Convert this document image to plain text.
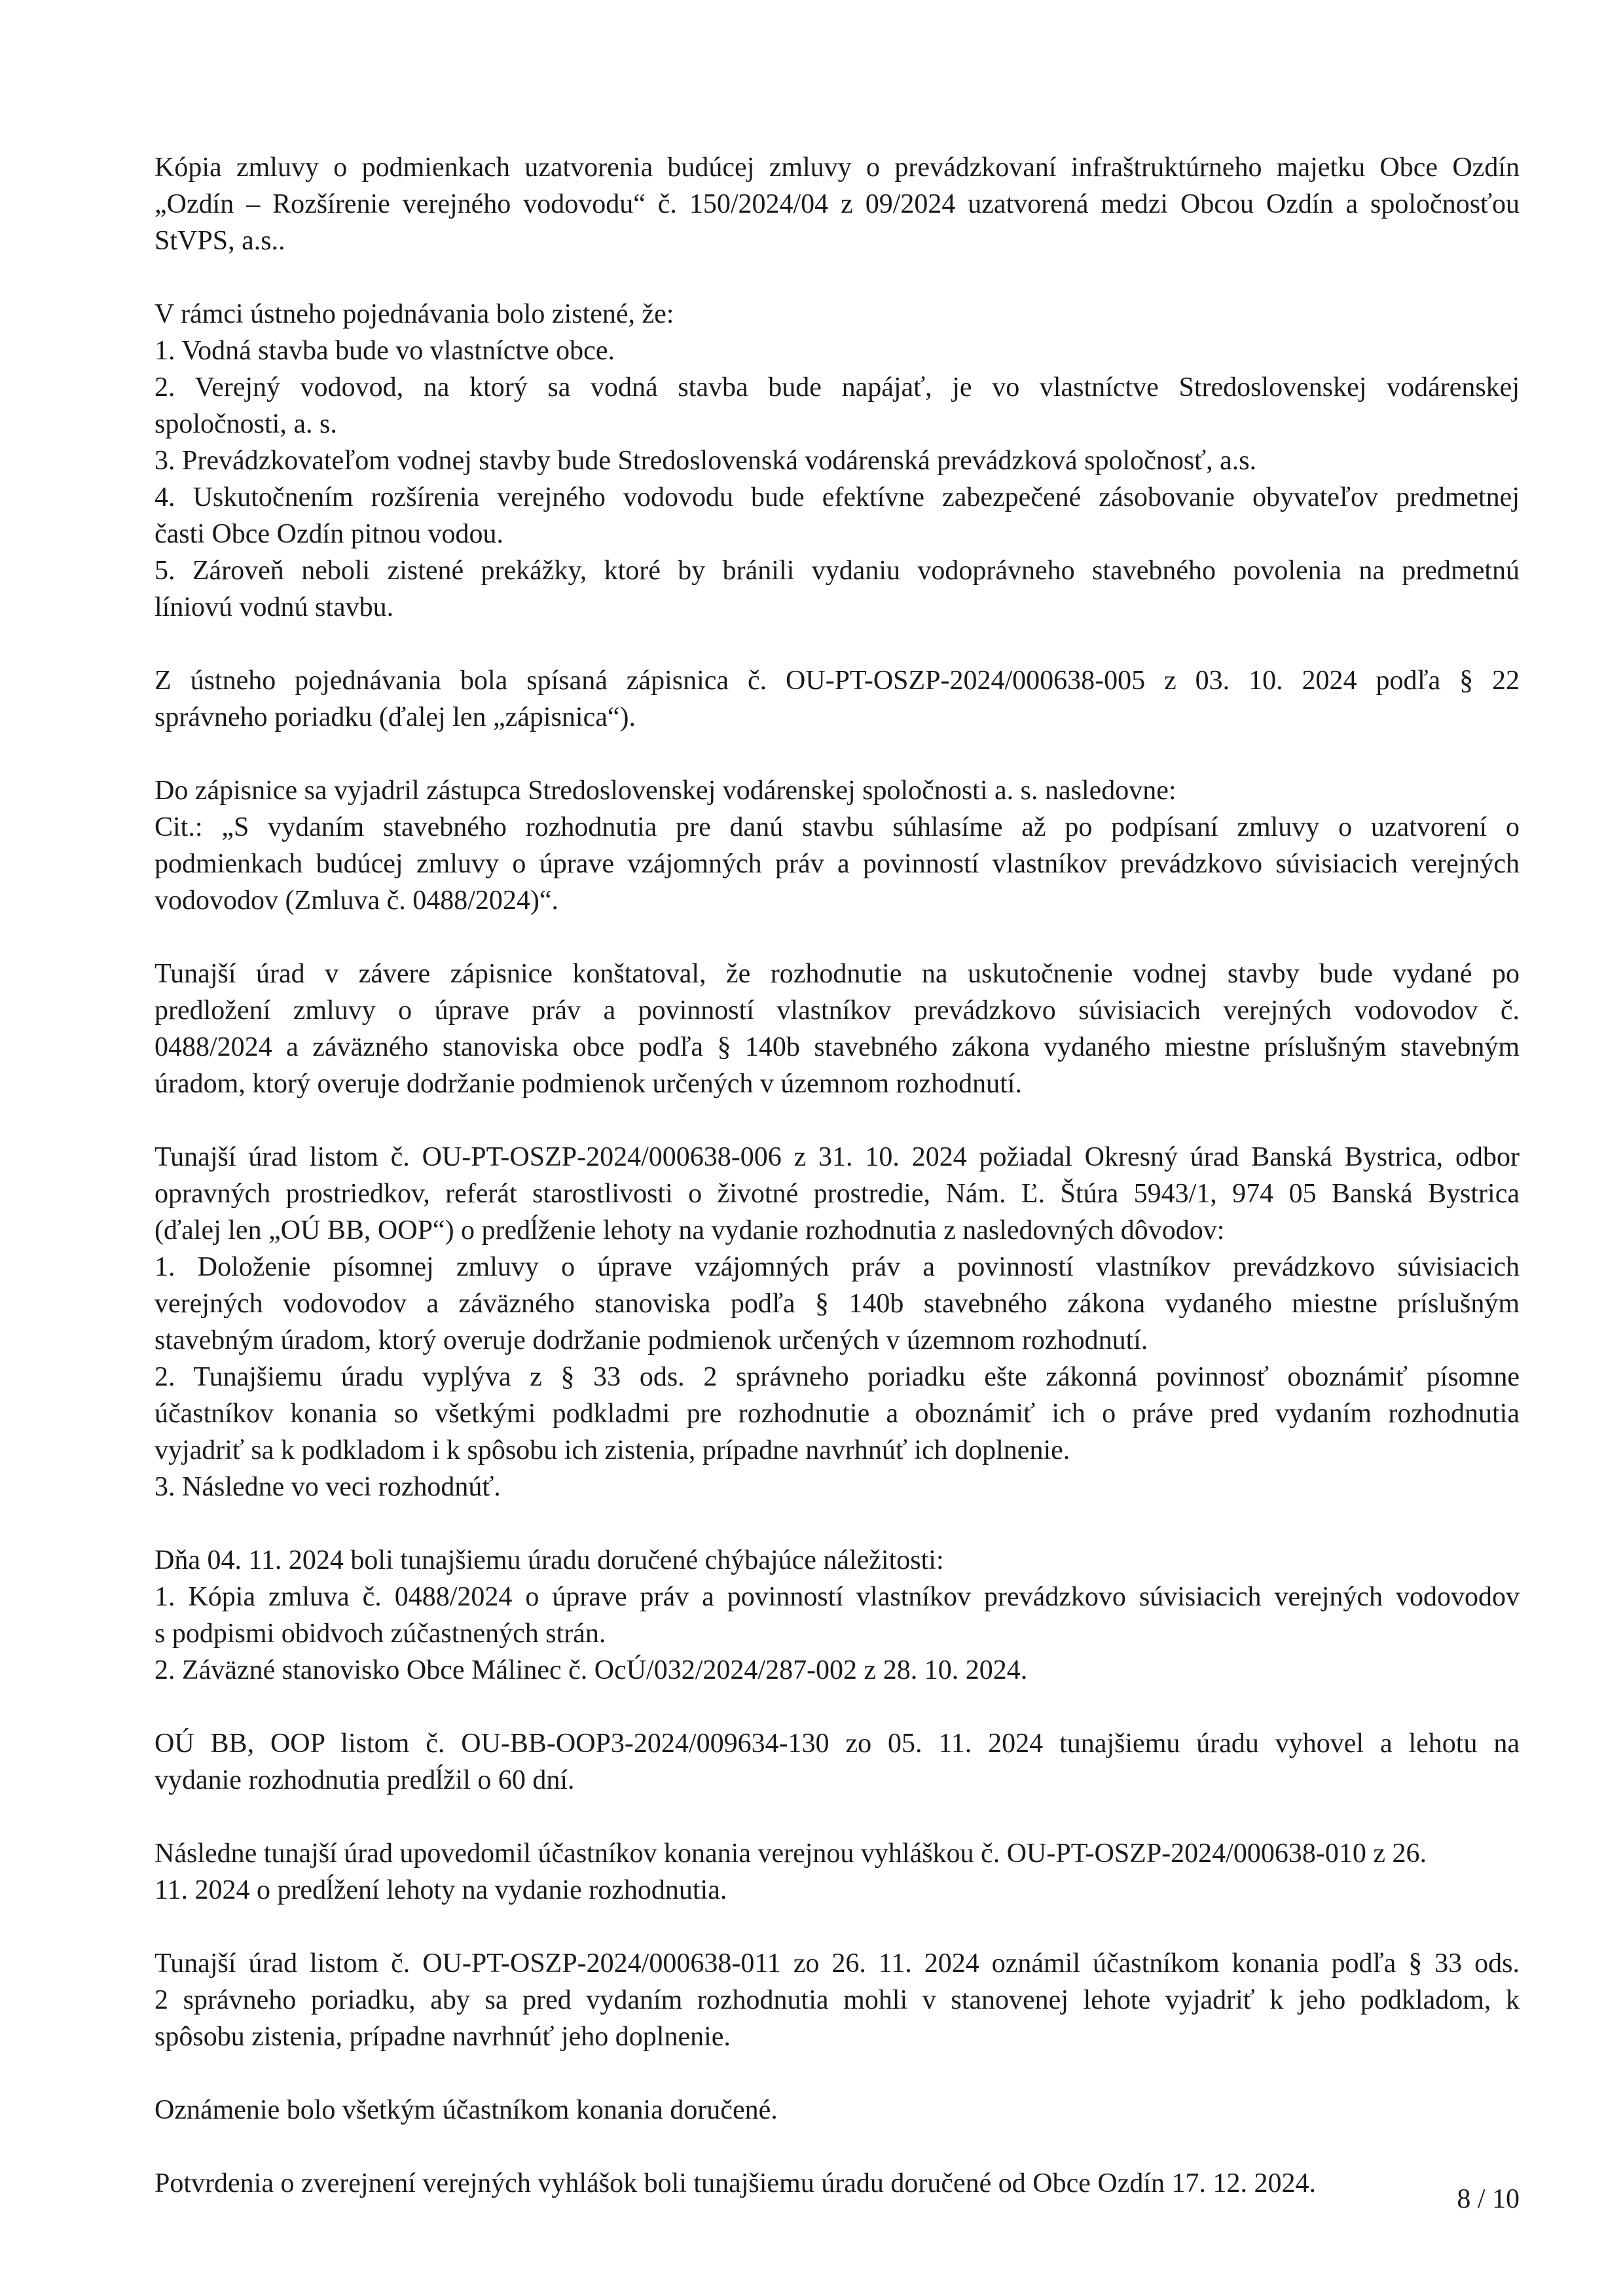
Kópia zmluvy o podmienkach uzatvorenia budúcej zmluvy o prevádzkovaní infraštruktúrneho majetku Obce Ozdín
„Ozdín – Rozšírenie verejného vodovodu“ č. 150/2024/04 z 09/2024 uzatvorená medzi Obcou Ozdín a spoločnosťou
StVPS, a.s..
V rámci ústneho pojednávania bolo zistené, že:
1. Vodná stavba bude vo vlastníctve obce.
2. Verejný vodovod, na ktorý sa vodná stavba bude napájať, je vo vlastníctve Stredoslovenskej vodárenskej
spoločnosti, a. s.
3. Prevádzkovateľom vodnej stavby bude Stredoslovenská vodárenská prevádzková spoločnosť, a.s.
4. Uskutočnením rozšírenia verejného vodovodu bude efektívne zabezpečené zásobovanie obyvateľov predmetnej
časti Obce Ozdín pitnou vodou.
5. Zároveň neboli zistené prekážky, ktoré by bránili vydaniu vodoprávneho stavebného povolenia na predmetnú
líniovú vodnú stavbu.
Z ústneho pojednávania bola spísaná zápisnica č. OU-PT-OSZP-2024/000638-005 z 03. 10. 2024 podľa § 22
správneho poriadku (ďalej len „zápisnica“).
Do zápisnice sa vyjadril zástupca Stredoslovenskej vodárenskej spoločnosti a. s. nasledovne:
Cit.: „S vydaním stavebného rozhodnutia pre danú stavbu súhlasíme až po podpísaní zmluvy o uzatvorení o
podmienkach budúcej zmluvy o úprave vzájomných práv a povinností vlastníkov prevádzkovo súvisiacich verejných
vodovodov (Zmluva č. 0488/2024)“.
Tunajší úrad v závere zápisnice konštatoval, že rozhodnutie na uskutočnenie vodnej stavby bude vydané po
predložení zmluvy o úprave práv a povinností vlastníkov prevádzkovo súvisiacich verejných vodovodov č.
0488/2024 a záväzného stanoviska obce podľa § 140b stavebného zákona vydaného miestne príslušným stavebným
úradom, ktorý overuje dodržanie podmienok určených v územnom rozhodnutí.
Tunajší úrad listom č. OU-PT-OSZP-2024/000638-006 z 31. 10. 2024 požiadal Okresný úrad Banská Bystrica, odbor
opravných prostriedkov, referát starostlivosti o životné prostredie, Nám. Ľ. Štúra 5943/1, 974 05 Banská Bystrica
(ďalej len „OÚ BB, OOP“) o predĺženie lehoty na vydanie rozhodnutia z nasledovných dôvodov:
1. Doloženie písomnej zmluvy o úprave vzájomných práv a povinností vlastníkov prevádzkovo súvisiacich
verejných vodovodov a záväzného stanoviska podľa § 140b stavebného zákona vydaného miestne príslušným
stavebným úradom, ktorý overuje dodržanie podmienok určených v územnom rozhodnutí.
2. Tunajšiemu úradu vyplýva z § 33 ods. 2 správneho poriadku ešte zákonná povinnosť oboznámiť písomne
účastníkov konania so všetkými podkladmi pre rozhodnutie a oboznámiť ich o práve pred vydaním rozhodnutia
vyjadriť sa k podkladom i k spôsobu ich zistenia, prípadne navrhnúť ich doplnenie.
3. Následne vo veci rozhodnúť.
Dňa 04. 11. 2024 boli tunajšiemu úradu doručené chýbajúce náležitosti:
1. Kópia zmluva č. 0488/2024 o úprave práv a povinností vlastníkov prevádzkovo súvisiacich verejných vodovodov
s podpismi obidvoch zúčastnených strán.
2. Záväzné stanovisko Obce Málinec č. OcÚ/032/2024/287-002 z 28. 10. 2024.
OÚ BB, OOP listom č. OU-BB-OOP3-2024/009634-130 zo 05. 11. 2024 tunajšiemu úradu vyhovel a lehotu na
vydanie rozhodnutia predĺžil o 60 dní.
Následne tunajší úrad upovedomil účastníkov konania verejnou vyhláškou č. OU-PT-OSZP-2024/000638-010 z 26.
11. 2024 o predĺžení lehoty na vydanie rozhodnutia.
Tunajší úrad listom č. OU-PT-OSZP-2024/000638-011 zo 26. 11. 2024 oznámil účastníkom konania podľa § 33 ods.
2 správneho poriadku, aby sa pred vydaním rozhodnutia mohli v stanovenej lehote vyjadriť k jeho podkladom, k
spôsobu zistenia, prípadne navrhnúť jeho doplnenie.
Oznámenie bolo všetkým účastníkom konania doručené.
Potvrdenia o zverejnení verejných vyhlášok boli tunajšiemu úradu doručené od Obce Ozdín 17. 12. 2024.
8 / 10
